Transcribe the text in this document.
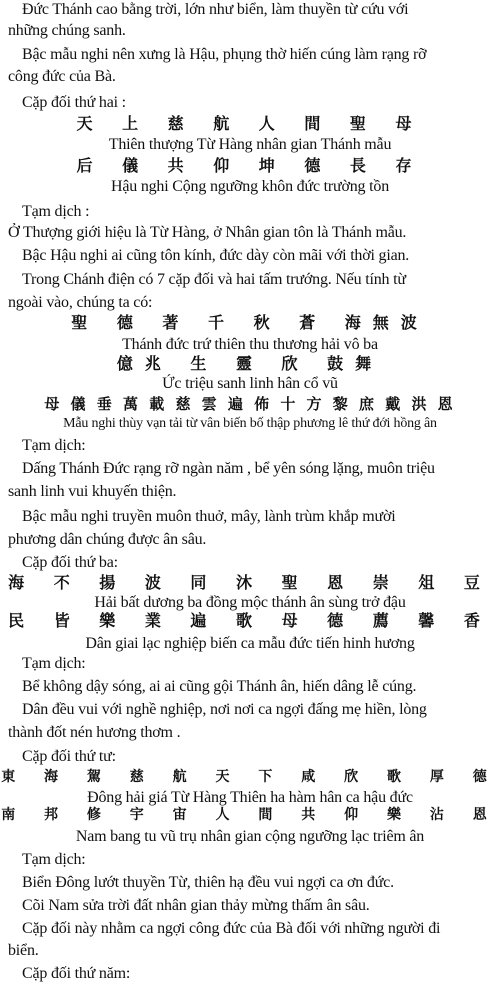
Đức Thánh cao bằng trời, lớn như biển, làm thuyền từ cứu với
những chúng sanh.
Bậc mẫu nghi nên xưng là Hậu, phụng thờ hiến cúng làm rạng rỡ
công đức của Bà.
Cặp đối thứ hai :
天 上 慈 航 人 間 聖 母
Thiên thượng Từ Hàng nhân gian Thánh mẫu
后 儀 共 仰 坤 德 長 存
Hậu nghi Cộng ngưỡng khôn đức trường tồn
Tạm dịch :
Ở Thượng giới hiệu là Từ Hàng, ở Nhân gian tôn là Thánh mẫu.
Bậc Hậu nghi ai cũng tôn kính, đức dày còn mãi với thời gian.
Trong Chánh điện có 7 cặp đối và hai tấm trướng. Nếu tính từ
ngoài vào, chúng ta có:
聖 德 著 千 秋 蒼 海無波
Thánh đức trứ thiên thu thương hải vô ba
億兆 生 靈 欣 鼓舞
Ức triệu sanh linh hân cổ vũ
母 儀 垂 萬 載 慈 雲 遍 佈 十 方 黎 庶 戴 洪 恩
Mẫu nghi thùy vạn tải từ vân biến bố thập phương lê thứ đới hồng ân
Tạm dịch:
Dấng Thánh Đức rạng rỡ ngàn năm , bể yên sóng lặng, muôn triệu
sanh linh vui khuyến thiện.
Bậc mẫu nghi truyền muôn thuở, mây, lành trùm khắp mười
phương dân chúng được ân sâu.
Cặp đối thứ ba:
海 不 揚 波 同 沐 聖 恩 崇 俎 豆
Hải bất dương ba đồng mộc thánh ân sùng trở đậu
民 皆 樂 業 遍 歌 母 德 薦 馨 香
Dân giai lạc nghiệp biến ca mẫu đức tiến hinh hương
Tạm dịch:
Bể không dậy sóng, ai ai cũng gội Thánh ân, hiến dâng lễ cúng.
Dân đều vui với nghề nghiệp, nơi nơi ca ngợi đấng mẹ hiền, lòng
thành đốt nén hương thơm .
Cặp đối thứ tư:
東 海 駕 慈 航 天 下 咸 欣 歌 厚 德
Đông hải giá Từ Hàng Thiên ha hàm hân ca hậu đức
南 邦 修 宇 宙 人 間 共 仰 樂 沾 恩
Nam bang tu vũ trụ nhân gian cộng ngưỡng lạc triêm ân
Tạm dịch:
Biển Đông lướt thuyền Từ, thiên hạ đều vui ngợi ca ơn đức.
Cõi Nam sửa trời đất nhân gian thảy mừng thấm ân sâu.
Cặp đối này nhằm ca ngợi công đức của Bà đối với những người đi
biển.
Cặp đối thứ năm:
